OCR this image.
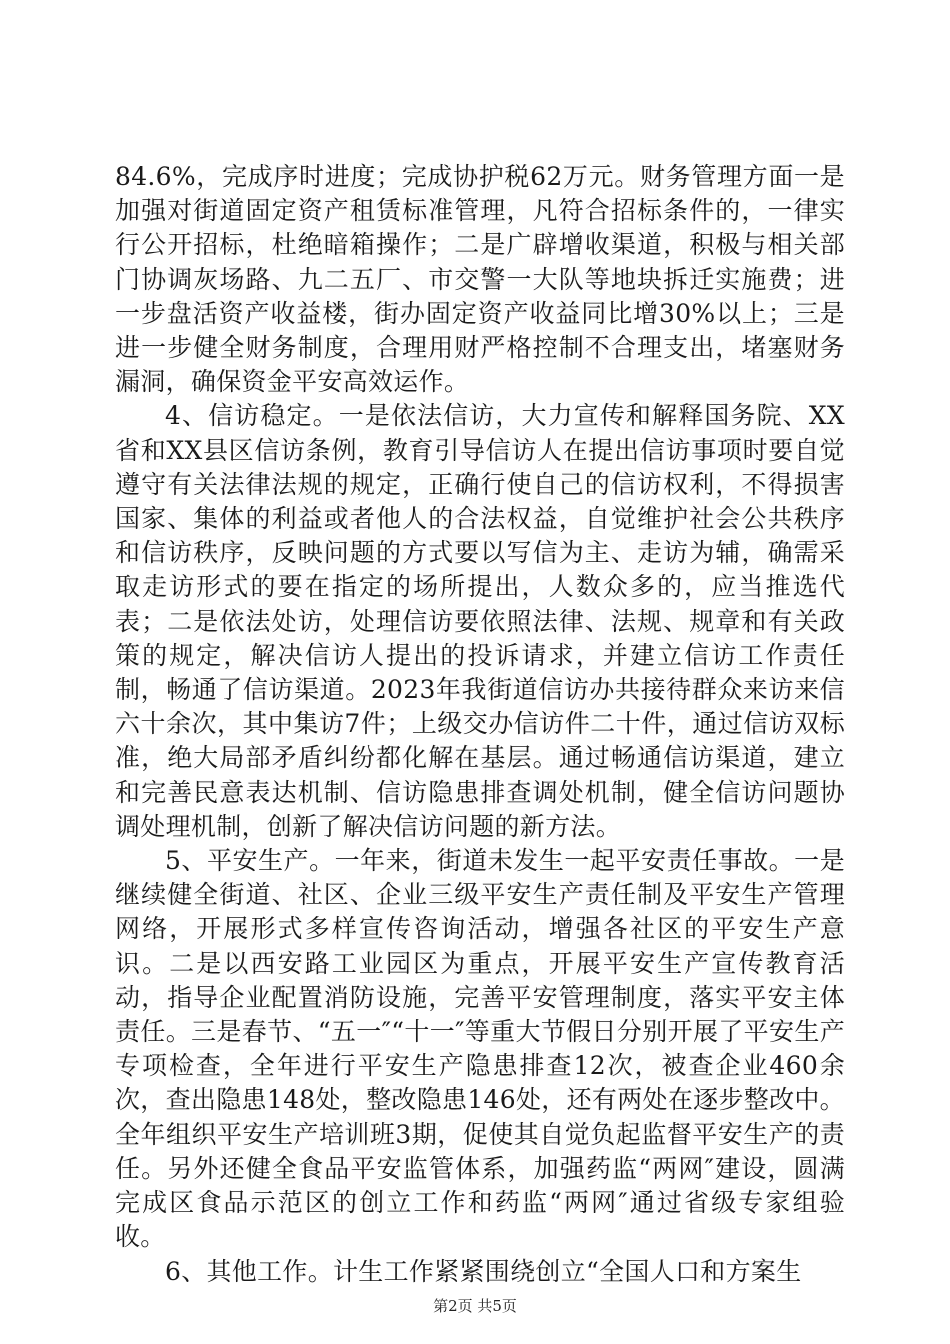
84.6%，完成序时进度；完成协护税62万元。财务管理方面一是加强对街道固定资产租赁标准管理，凡符合招标条件的，一律实行公开招标，杜绝暗箱操作；二是广辟增收渠道，积极与相关部门协调灰场路、九二五厂、市交警一大队等地块拆迁实施费；进一步盘活资产收益楼，街办固定资产收益同比增30%以上；三是进一步健全财务制度，合理用财严格控制不合理支出，堵塞财务漏洞，确保资金平安高效运作。

4、信访稳定。一是依法信访，大力宣传和解释国务院、XX省和XX县区信访条例，教育引导信访人在提出信访事项时要自觉遵守有关法律法规的规定，正确行使自己的信访权利，不得损害国家、集体的利益或者他人的合法权益，自觉维护社会公共秩序和信访秩序，反映问题的方式要以写信为主、走访为辅，确需采取走访形式的要在指定的场所提出，人数众多的，应当推选代表；二是依法处访，处理信访要依照法律、法规、规章和有关政策的规定，解决信访人提出的投诉请求，并建立信访工作责任制，畅通了信访渠道。2023年我街道信访办共接待群众来访来信六十余次，其中集访7件；上级交办信访件二十件，通过信访双标准，绝大局部矛盾纠纷都化解在基层。通过畅通信访渠道，建立和完善民意表达机制、信访隐患排查调处机制，健全信访问题协调处理机制，创新了解决信访问题的新方法。

5、平安生产。一年来，街道未发生一起平安责任事故。一是继续健全街道、社区、企业三级平安生产责任制及平安生产管理网络，开展形式多样宣传咨询活动，增强各社区的平安生产意识。二是以西安路工业园区为重点，开展平安生产宣传教育活动，指导企业配置消防设施，完善平安管理制度，落实平安主体责任。三是春节、“五一″“十一″等重大节假日分别开展了平安生产专项检查，全年进行平安生产隐患排查12次，被查企业460余次，查出隐患148处，整改隐患146处，还有两处在逐步整改中。全年组织平安生产培训班3期，促使其自觉负起监督平安生产的责任。另外还健全食品平安监管体系，加强药监“两网″建设，圆满完成区食品示范区的创立工作和药监“两网″通过省级专家组验收。

6、其他工作。计生工作紧紧围绕创立“全国人口和方案生

第2页 共5页
